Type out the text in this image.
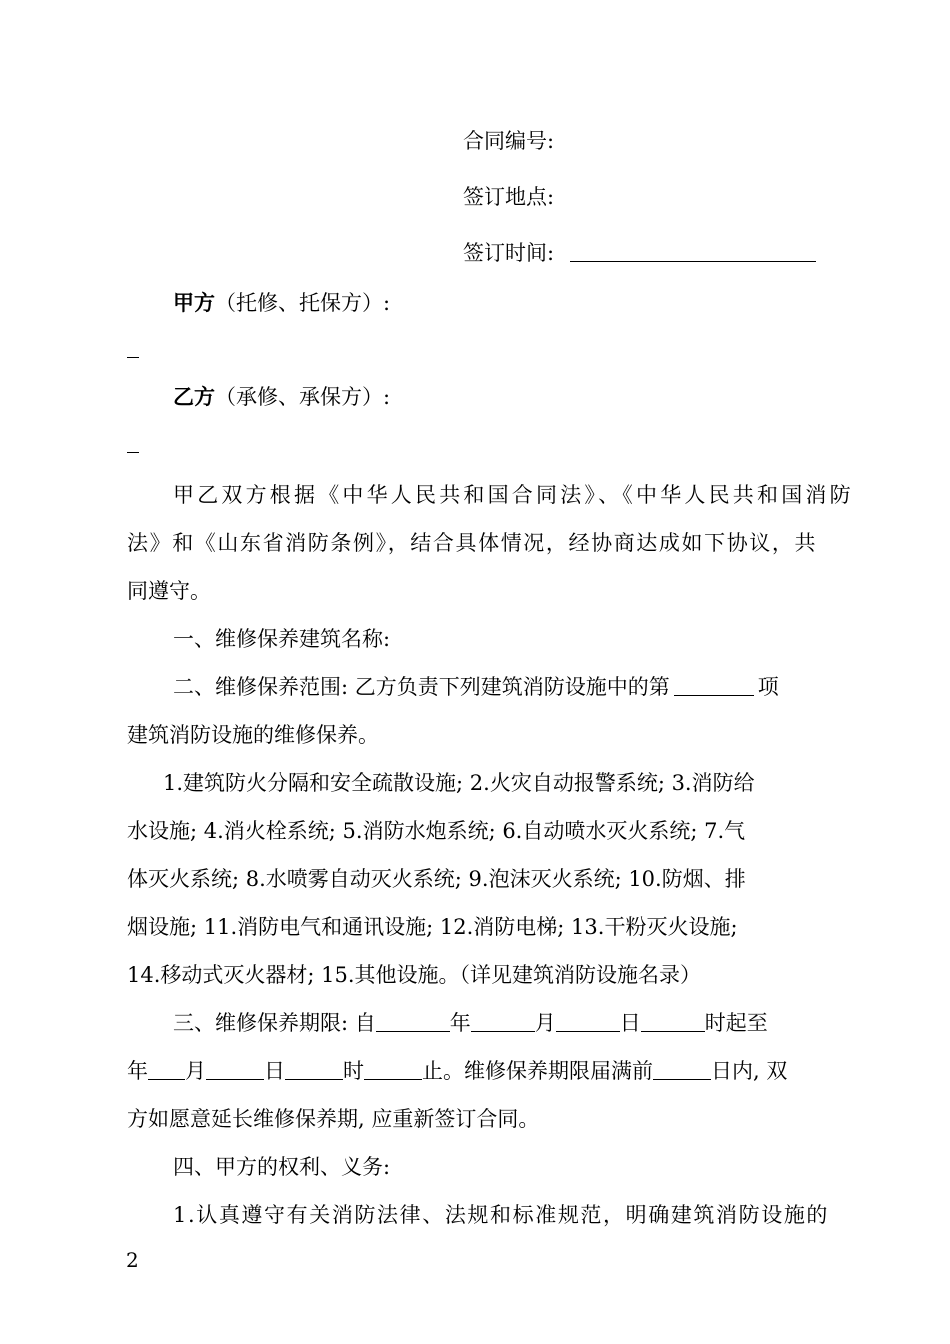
合同编号:
签订地点:
签订时间:
甲方（托修、托保方）:
乙方（承修、承保方）:
甲乙双方根据《中华人民共和国合同法》、《中华人民共和国消防
法》和《山东省消防条例》，结合具体情况，经协商达成如下协议，共
同遵守。
一、维修保养建筑名称:
二、维修保养范围: 乙方负责下列建筑消防设施中的第	项
建筑消防设施的维修保养。
1.建筑防火分隔和安全疏散设施; 2.火灾自动报警系统; 3.消防给
水设施; 4.消火栓系统; 5.消防水炮系统; 6.自动喷水灭火系统; 7.气
体灭火系统; 8.水喷雾自动灭火系统; 9.泡沫灭火系统; 10.防烟、排
烟设施; 11.消防电气和通讯设施; 12.消防电梯; 13.干粉灭火设施;
14.移动式灭火器材; 15.其他设施。（详见建筑消防设施名录）
三、维修保养期限: 自	年	月	日	时起至
年 月	日	时	止。维修保养期限届满前	日内, 双
方如愿意延长维修保养期, 应重新签订合同。
四、甲方的权利、义务:
1.认真遵守有关消防法律、法规和标准规范，明确建筑消防设施的
2
